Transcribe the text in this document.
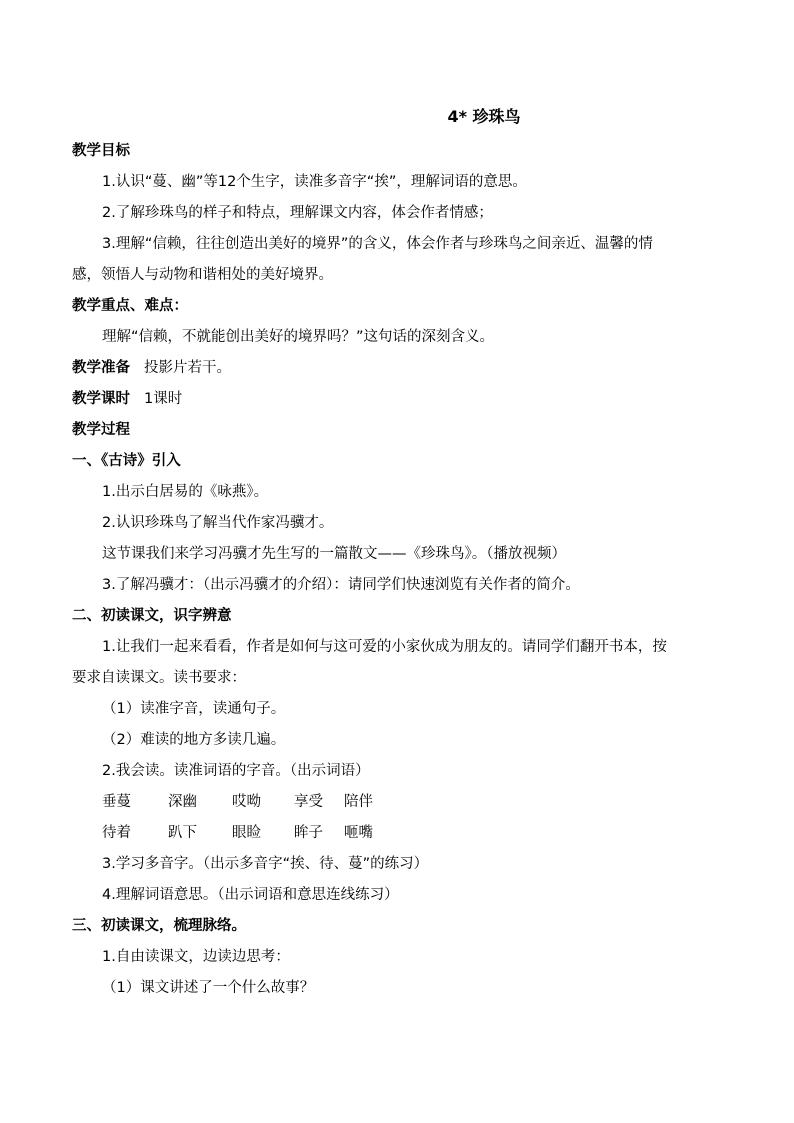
4* 珍珠鸟
教学目标
1.认识“蔓、幽”等12个生字，读准多音字“挨”，理解词语的意思。
2.了解珍珠鸟的样子和特点，理解课文内容，体会作者情感；
3.理解“信赖，往往创造出美好的境界”的含义，体会作者与珍珠鸟之间亲近、温馨的情
感，领悟人与动物和谐相处的美好境界。
教学重点、难点：
理解“信赖，不就能创出美好的境界吗？”这句话的深刻含义。
教学准备 投影片若干。
教学课时 1课时
教学过程
一、《古诗》引入
1.出示白居易的《咏燕》。
2.认识珍珠鸟了解当代作家冯骥才。
这节课我们来学习冯骥才先生写的一篇散文——《珍珠鸟》。（播放视频）
3.了解冯骥才：（出示冯骥才的介绍）：请同学们快速浏览有关作者的简介。
二、初读课文，识字辨意
1.让我们一起来看看，作者是如何与这可爱的小家伙成为朋友的。请同学们翻开书本，按
要求自读课文。读书要求：
（1）读准字音，读通句子。
（2）难读的地方多读几遍。
2.我会读。读准词语的字音。（出示词语）
垂蔓	深幽 哎呦 享受 陪伴
待着	趴下 眼睑 眸子 咂嘴
3.学习多音字。（出示多音字“挨、待、蔓”的练习）
4.理解词语意思。（出示词语和意思连线练习）
三、初读课文，梳理脉络。
1.自由读课文，边读边思考：
（1）课文讲述了一个什么故事？
